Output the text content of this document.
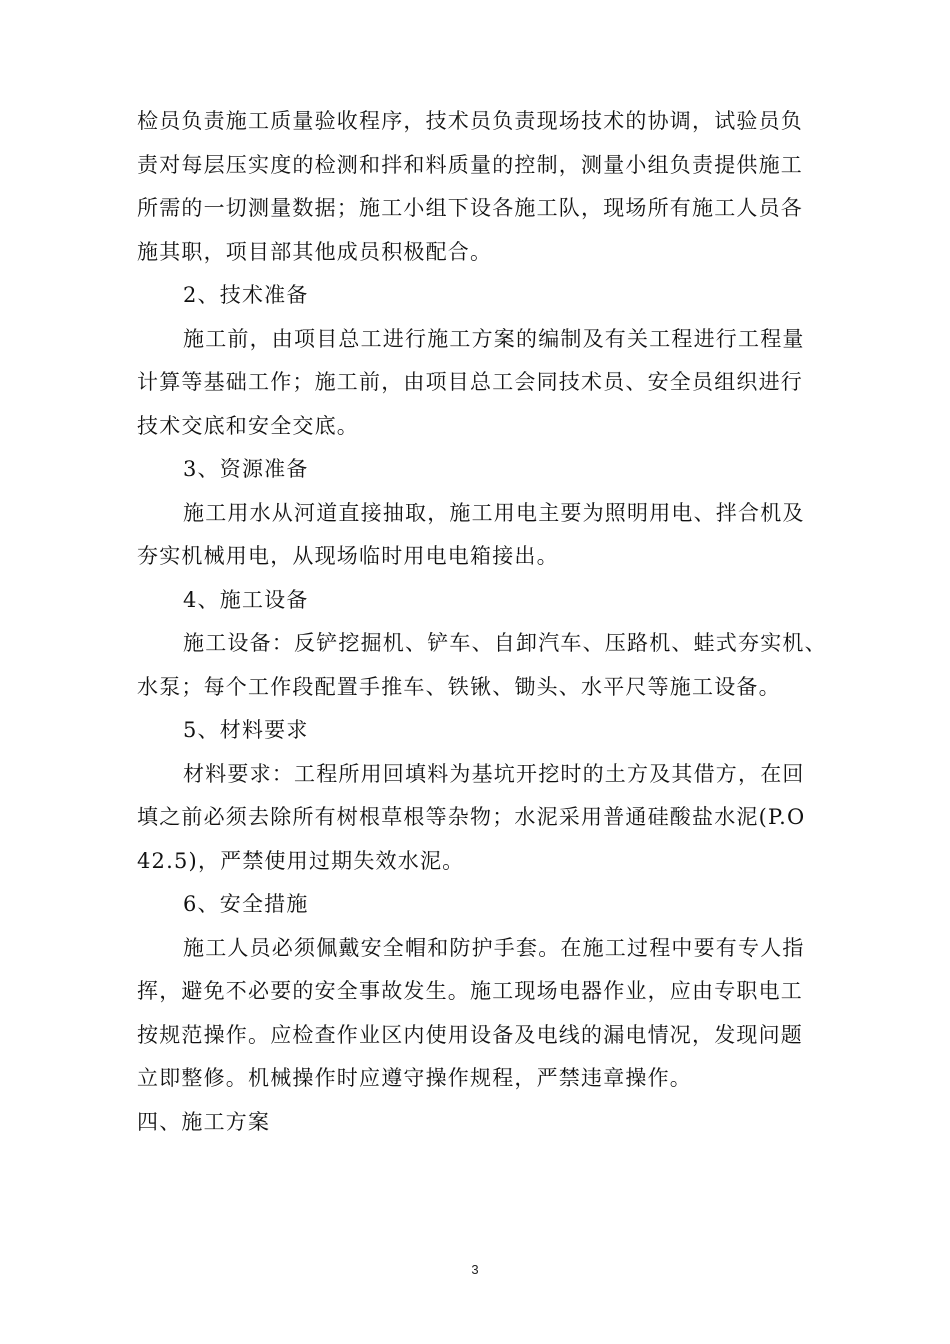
检员负责施工质量验收程序，技术员负责现场技术的协调，试验员负
责对每层压实度的检测和拌和料质量的控制，测量小组负责提供施工
所需的一切测量数据；施工小组下设各施工队，现场所有施工人员各
施其职，项目部其他成员积极配合。
2、技术准备
施工前，由项目总工进行施工方案的编制及有关工程进行工程量
计算等基础工作；施工前，由项目总工会同技术员、安全员组织进行
技术交底和安全交底。
3、资源准备
施工用水从河道直接抽取，施工用电主要为照明用电、拌合机及
夯实机械用电，从现场临时用电电箱接出。
4、施工设备
施工设备：反铲挖掘机、铲车、自卸汽车、压路机、蛙式夯实机、
水泵；每个工作段配置手推车、铁锹、锄头、水平尺等施工设备。
5、材料要求
材料要求：工程所用回填料为基坑开挖时的土方及其借方，在回
填之前必须去除所有树根草根等杂物；水泥采用普通硅酸盐水泥(P.O
42.5)，严禁使用过期失效水泥。
6、安全措施
施工人员必须佩戴安全帽和防护手套。在施工过程中要有专人指
挥，避免不必要的安全事故发生。施工现场电器作业，应由专职电工
按规范操作。应检查作业区内使用设备及电线的漏电情况，发现问题
立即整修。机械操作时应遵守操作规程，严禁违章操作。
四、施工方案
3
